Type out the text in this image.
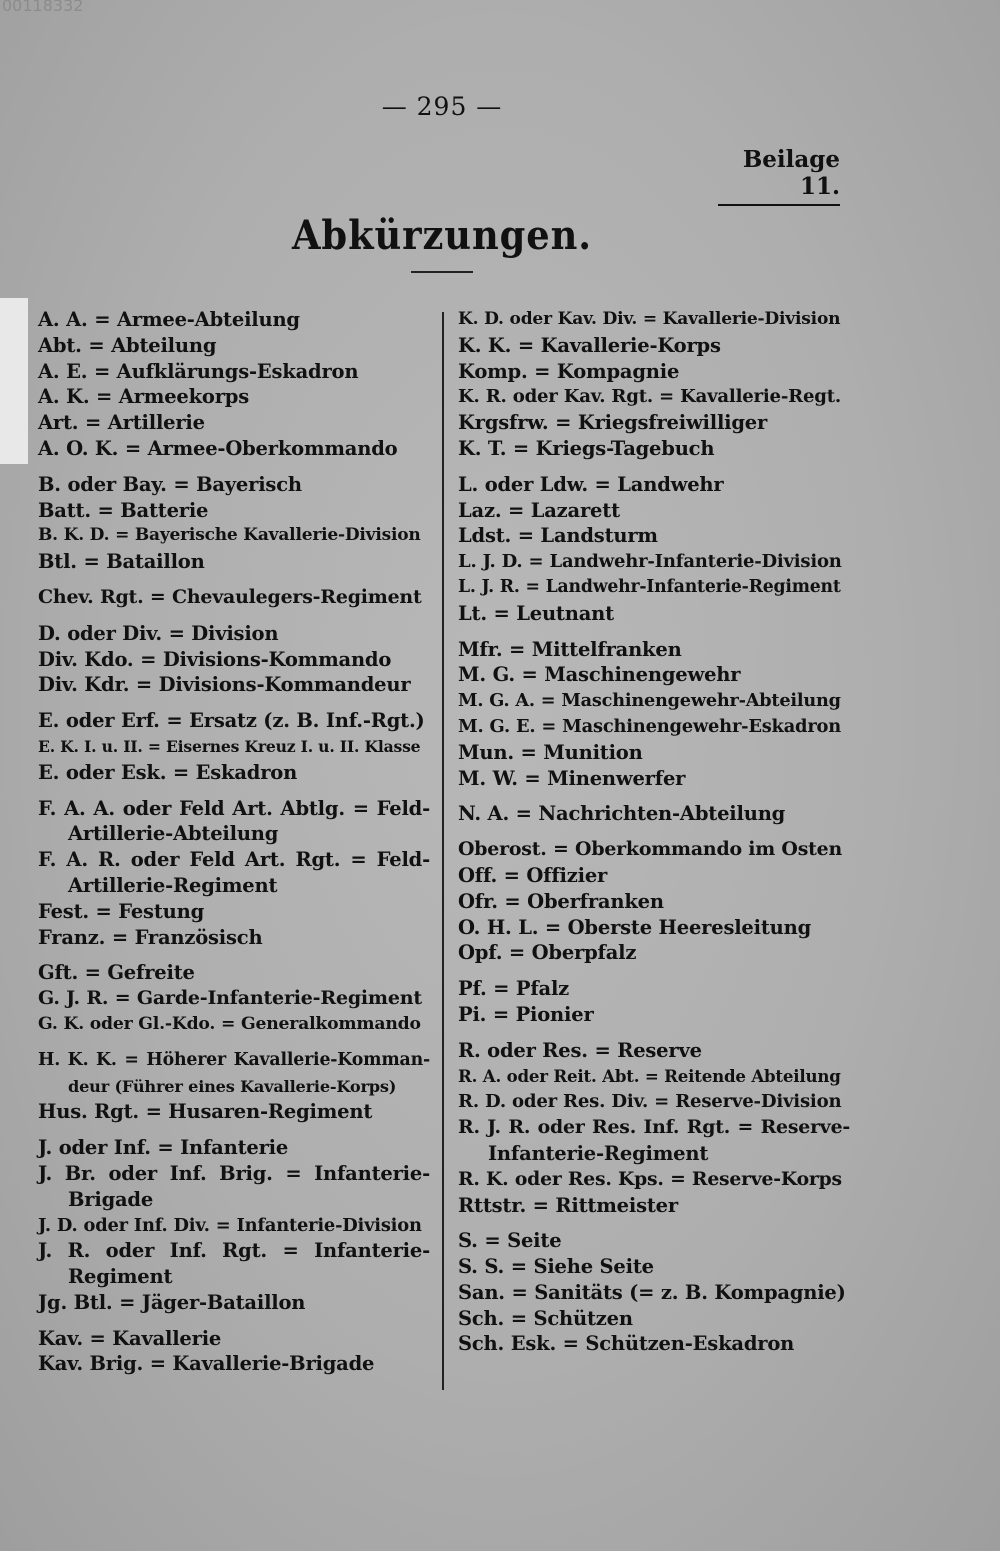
00118332
— 295 —
Beilage 11.
Abkürzungen.
A. A. = Armee-Abteilung
Abt. = Abteilung
A. E. = Aufklärungs-Eskadron
A. K. = Armeekorps
Art. = Artillerie
A. O. K. = Armee-Oberkommando
B. oder Bay. = Bayerisch
Batt. = Batterie
B. K. D. = Bayerische Kavallerie-Division
Btl. = Bataillon
Chev. Rgt. = Chevaulegers-Regiment
D. oder Div. = Division
Div. Kdo. = Divisions-Kommando
Div. Kdr. = Divisions-Kommandeur
E. oder Erf. = Ersatz (z. B. Inf.-Rgt.)
E. K. I. u. II. = Eisernes Kreuz I. u. II. Klasse
E. oder Esk. = Eskadron
F. A. A. oder Feld Art. Abtlg. = Feld-
Artillerie-Abteilung
F. A. R. oder Feld Art. Rgt. = Feld-
Artillerie-Regiment
Fest. = Festung
Franz. = Französisch
Gft. = Gefreite
G. J. R. = Garde-Infanterie-Regiment
G. K. oder Gl.-Kdo. = Generalkommando
H. K. K. = Höherer Kavallerie-Komman-
deur (Führer eines Kavallerie-Korps)
Hus. Rgt. = Husaren-Regiment
J. oder Inf. = Infanterie
J. Br. oder Inf. Brig. = Infanterie-
Brigade
J. D. oder Inf. Div. = Infanterie-Division
J. R. oder Inf. Rgt. = Infanterie-
Regiment
Jg. Btl. = Jäger-Bataillon
Kav. = Kavallerie
Kav. Brig. = Kavallerie-Brigade
K. D. oder Kav. Div. = Kavallerie-Division
K. K. = Kavallerie-Korps
Komp. = Kompagnie
K. R. oder Kav. Rgt. = Kavallerie-Regt.
Krgsfrw. = Kriegsfreiwilliger
K. T. = Kriegs-Tagebuch
L. oder Ldw. = Landwehr
Laz. = Lazarett
Ldst. = Landsturm
L. J. D. = Landwehr-Infanterie-Division
L. J. R. = Landwehr-Infanterie-Regiment
Lt. = Leutnant
Mfr. = Mittelfranken
M. G. = Maschinengewehr
M. G. A. = Maschinengewehr-Abteilung
M. G. E. = Maschinengewehr-Eskadron
Mun. = Munition
M. W. = Minenwerfer
N. A. = Nachrichten-Abteilung
Oberost. = Oberkommando im Osten
Off. = Offizier
Ofr. = Oberfranken
O. H. L. = Oberste Heeresleitung
Opf. = Oberpfalz
Pf. = Pfalz
Pi. = Pionier
R. oder Res. = Reserve
R. A. oder Reit. Abt. = Reitende Abteilung
R. D. oder Res. Div. = Reserve-Division
R. J. R. oder Res. Inf. Rgt. = Reserve-
Infanterie-Regiment
R. K. oder Res. Kps. = Reserve-Korps
Rttstr. = Rittmeister
S. = Seite
S. S. = Siehe Seite
San. = Sanitäts (= z. B. Kompagnie)
Sch. = Schützen
Sch. Esk. = Schützen-Eskadron
